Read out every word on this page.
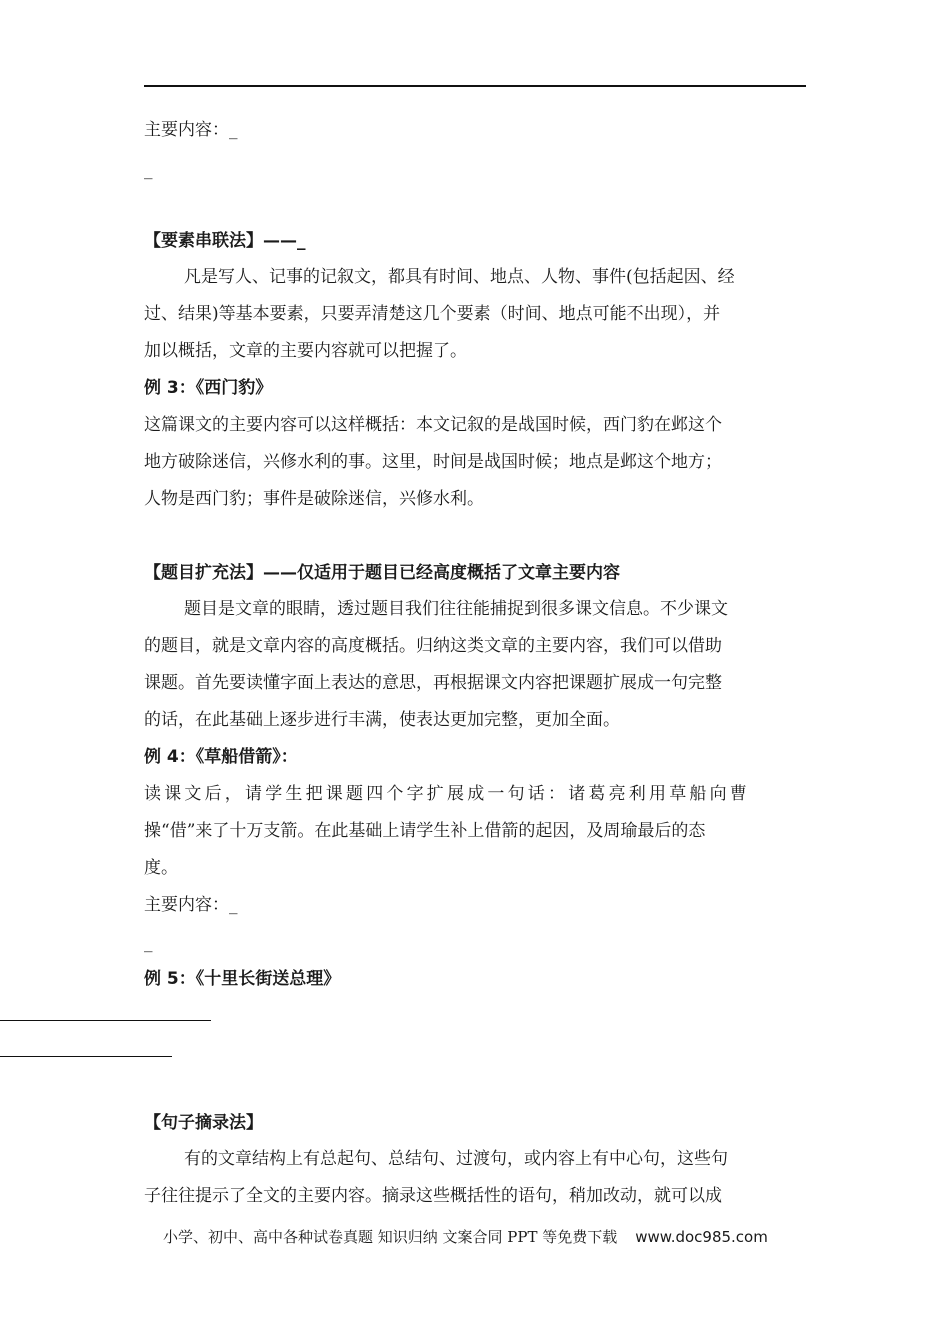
主要内容：_
_
【要素串联法】——_
凡是写人、记事的记叙文，都具有时间、地点、人物、事件(包括起因、经
过、结果)等基本要素，只要弄清楚这几个要素（时间、地点可能不出现），并
加以概括，文章的主要内容就可以把握了。
例 3：《西门豹》
这篇课文的主要内容可以这样概括：本文记叙的是战国时候，西门豹在邺这个
地方破除迷信，兴修水利的事。这里，时间是战国时候；地点是邺这个地方；
人物是西门豹；事件是破除迷信，兴修水利。
【题目扩充法】——仅适用于题目已经高度概括了文章主要内容
题目是文章的眼睛，透过题目我们往往能捕捉到很多课文信息。不少课文
的题目，就是文章内容的高度概括。归纳这类文章的主要内容，我们可以借助
课题。首先要读懂字面上表达的意思，再根据课文内容把课题扩展成一句完整
的话，在此基础上逐步进行丰满，使表达更加完整，更加全面。
例 4：《草船借箭》：
读课文后，请学生把课题四个字扩展成一句话：诸葛亮利用草船向曹
操“借”来了十万支箭。在此基础上请学生补上借箭的起因，及周瑜最后的态
度。
主要内容：_
_
例 5：《十里长街送总理》
【句子摘录法】
有的文章结构上有总起句、总结句、过渡句，或内容上有中心句，这些句
子往往提示了全文的主要内容。摘录这些概括性的语句，稍加改动，就可以成
小学、初中、高中各种试卷真题 知识归纳 文案合同 PPT 等免费下载 www.doc985.com
